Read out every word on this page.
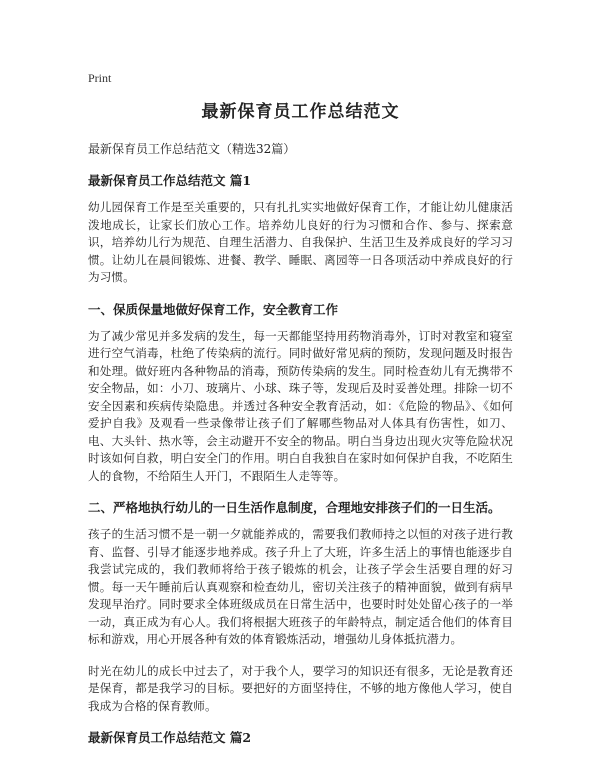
Print
最新保育员工作总结范文
最新保育员工作总结范文（精选32篇）
最新保育员工作总结范文 篇1

幼儿园保育工作是至关重要的，只有扎扎实实地做好保育工作，才能让幼儿健康活泼地成长，让家长们放心工作。培养幼儿良好的行为习惯和合作、参与、探索意识，培养幼儿行为规范、自理生活潜力、自我保护、生活卫生及养成良好的学习习惯。让幼儿在晨间锻炼、进餐、教学、睡眠、离园等一日各项活动中养成良好的行为习惯。

一、保质保量地做好保育工作，安全教育工作

为了减少常见并多发病的发生，每一天都能坚持用药物消毒外，订时对教室和寝室进行空气消毒，杜绝了传染病的流行。同时做好常见病的预防，发现问题及时报告和处理。做好班内各种物品的消毒，预防传染病的发生。同时检查幼儿有无携带不安全物品，如：小刀、玻璃片、小球、珠子等，发现后及时妥善处理。排除一切不安全因素和疾病传染隐患。并透过各种安全教育活动，如：《危险的物品》、《如何爱护自我》及观看一些录像带让孩子们了解哪些物品对人体具有伤害性，如刀、电、大头针、热水等，会主动避开不安全的物品。明白当身边出现火灾等危险状况时该如何自救，明白安全门的作用。明白自我独自在家时如何保护自我，不吃陌生人的食物，不给陌生人开门，不跟陌生人走等等。

二、严格地执行幼儿的一日生活作息制度，合理地安排孩子们的一日生活。

孩子的生活习惯不是一朝一夕就能养成的，需要我们教师持之以恒的对孩子进行教育、监督、引导才能逐步地养成。孩子升上了大班，许多生活上的事情也能逐步自我尝试完成的，我们教师将给于孩子锻炼的机会，让孩子学会生活要自理的好习惯。每一天午睡前后认真观察和检查幼儿，密切关注孩子的精神面貌，做到有病早发现早治疗。同时要求全体班级成员在日常生活中，也要时时处处留心孩子的一举一动，真正成为有心人。我们将根据大班孩子的年龄特点，制定适合他们的体育目标和游戏，用心开展各种有效的体育锻炼活动，增强幼儿身体抵抗潜力。

时光在幼儿的成长中过去了，对于我个人，要学习的知识还有很多，无论是教育还是保育，都是我学习的目标。要把好的方面坚持住，不够的地方像他人学习，使自我成为合格的保育教师。

最新保育员工作总结范文 篇2
